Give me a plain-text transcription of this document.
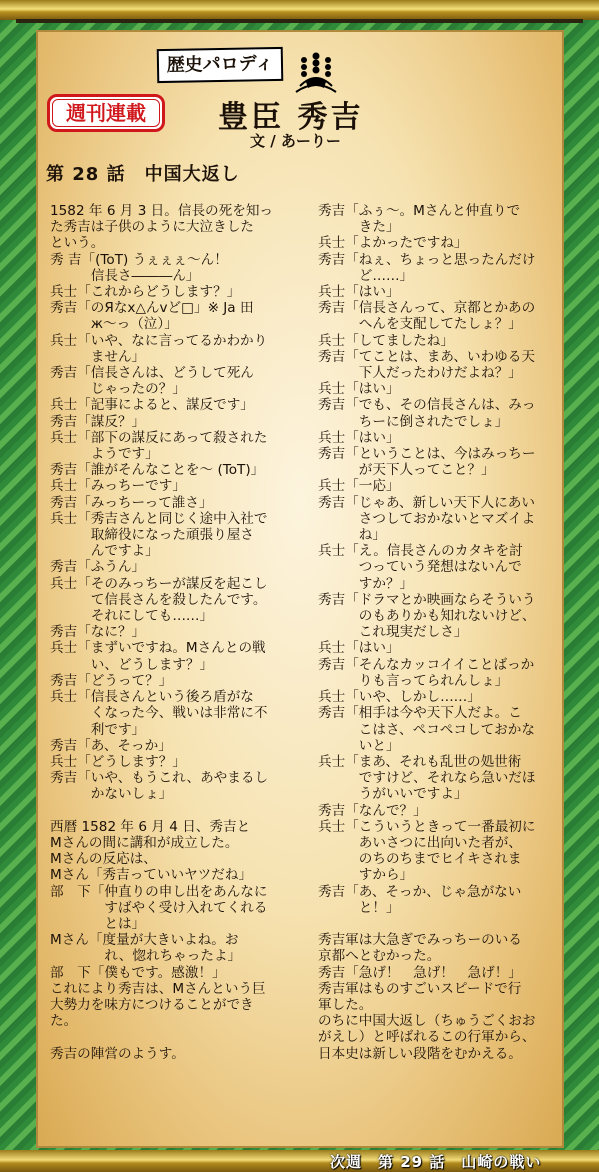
週刊連載
歴史パロディ
豊臣 秀吉
文 / あーりー
第 28 話　中国大返し
1582 年 6 月 3 日。信長の死を知っ
た秀吉は子供のように大泣きした
という。
秀 吉「(ToT) うぇぇぇ〜ん！
　　　信長さ―――ん」
兵士「これからどうします？」
秀吉「のЯなx△んvど□」※ Ja 田
　　　ж〜っ（泣）」
兵士「いや、なに言ってるかわかり
　　　ません」
秀吉「信長さんは、どうして死ん
　　　じゃったの？」
兵士「記事によると、謀反です」
秀吉「謀反？」
兵士「部下の謀反にあって殺された
　　　ようです」
秀吉「誰がそんなことを〜 (ToT)」
兵士「みっちーです」
秀吉「みっちーって誰さ」
兵士「秀吉さんと同じく途中入社で
　　　取締役になった頑張り屋さ
　　　んですよ」
秀吉「ふうん」
兵士「そのみっちーが謀反を起こし
　　　て信長さんを殺したんです。
　　　それにしても……」
秀吉「なに？」
兵士「まずいですね。Mさんとの戦
　　　い、どうします？」
秀吉「どうって？」
兵士「信長さんという後ろ盾がな
　　　くなった今、戦いは非常に不
　　　利です」
秀吉「あ、そっか」
兵士「どうします？」
秀吉「いや、もうこれ、あやまるし
　　　かないしょ」
西暦 1582 年 6 月 4 日、秀吉と
Mさんの間に講和が成立した。
Mさんの反応は、
Mさん「秀吉っていいヤツだね」
部　下「仲直りの申し出をあんなに
　　　　すばやく受け入れてくれる
　　　　とは」
Mさん「度量が大きいよね。お
　　　　れ、惚れちゃったよ」
部　下「僕もです。感激！」
これにより秀吉は、Mさんという巨
大勢力を味方につけることができ
た。
秀吉の陣営のようす。
秀吉「ふぅ〜。Mさんと仲直りで
　　　きた」
兵士「よかったですね」
秀吉「ねぇ、ちょっと思ったんだけ
　　　ど……」
兵士「はい」
秀吉「信長さんって、京都とかあの
　　　へんを支配してたしょ？」
兵士「してましたね」
秀吉「てことは、まあ、いわゆる天
　　　下人だったわけだよね？」
兵士「はい」
秀吉「でも、その信長さんは、みっ
　　　ちーに倒されたでしょ」
兵士「はい」
秀吉「ということは、今はみっちー
　　　が天下人ってこと？」
兵士「一応」
秀吉「じゃあ、新しい天下人にあい
　　　さつしておかないとマズイよ
　　　ね」
兵士「え。信長さんのカタキを討
　　　つっていう発想はないんで
　　　すか？」
秀吉「ドラマとか映画ならそういう
　　　のもありかも知れないけど、
　　　これ現実だしさ」
兵士「はい」
秀吉「そんなカッコイイことばっか
　　　りも言ってられんしょ」
兵士「いや、しかし……」
秀吉「相手は今や天下人だよ。こ
　　　こはさ、ペコペコしておかな
　　　いと」
兵士「まあ、それも乱世の処世術
　　　ですけど、それなら急いだほ
　　　うがいいですよ」
秀吉「なんで？」
兵士「こういうときって一番最初に
　　　あいさつに出向いた者が、
　　　のちのちまでヒイキされま
　　　すから」
秀吉「あ、そっか、じゃ急がない
　　　と！」
秀吉軍は大急ぎでみっちーのいる
京都へとむかった。
秀吉「急げ！　急げ！　急げ！」
秀吉軍はものすごいスピードで行
軍した。
のちに中国大返し（ちゅうごくおお
がえし）と呼ばれるこの行軍から、
日本史は新しい段階をむかえる。
次週　第 29 話　山崎の戦い
